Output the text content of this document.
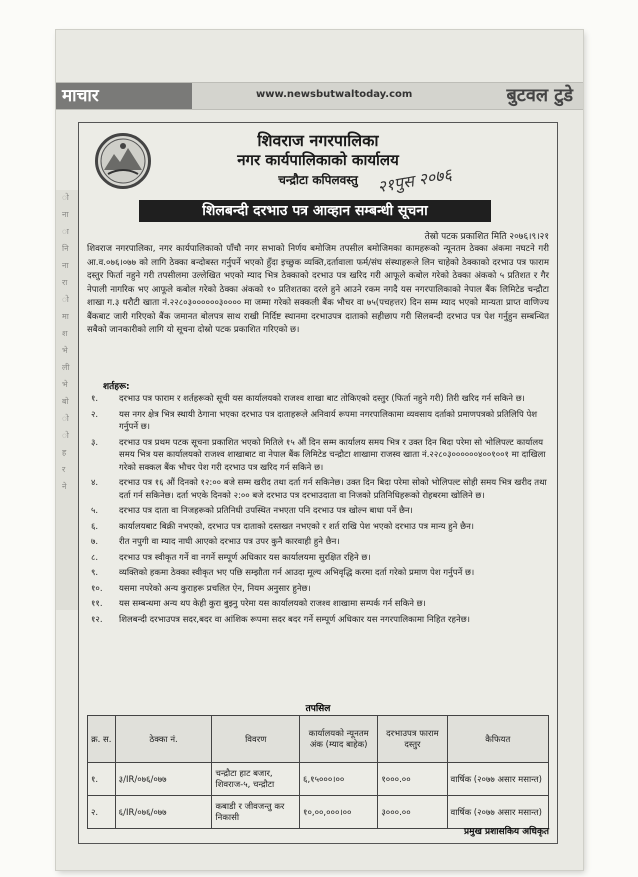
माचार	www.newsbutwaltoday.com	बुटवल टुडे
ो
ना
ा
नि
ना
रा
ो
मा
श
भे
ली
भे
बो
ो
ो
ह
र
ने
शिवराज नगरपालिका
नगर कार्यपालिकाको कार्यालय
चन्द्रौटा कपिलवस्तु	२१पुस २०७६
शिलबन्दी दरभाउ पत्र आव्हान सम्बन्धी सूचना
तेस्रो पटक प्रकाशित मिति २०७६।९।२१
शिवराज नगरपालिका, नगर कार्यपालिकाको पाँचौ नगर सभाको निर्णय बमोजिम तपसील बमोजिमका कामहरूको न्यूनतम ठेक्का अंकमा नघटने गरी आ.व.०७६।०७७ को लागि ठेक्का बन्दोबस्त गर्नुपर्ने भएको हुँदा इच्छुक व्यक्ति,दर्तावाला फर्म/संघ संस्थाहरूले लिन चाहेको ठेक्काको दरभाउ पत्र फाराम दस्तुर फिर्ता नहुने गरी तपसीलमा उल्लेखित भएको म्याद भित्र ठेक्काको दरभाउ पत्र खरिद गरी आफूले कबोल गरेको ठेक्का अंकको ५ प्रतिशत र गैर नेपाली नागरिक भए आफूले कबोल गरेको ठेक्का अंकको १० प्रतिशतका दरले हुने आउने रकम नगदै यस नगरपालिकाको नेपाल बैंक लिमिटेड चन्द्रौटा शाखा ग.३ धरौटी खाता नं.२२८०३००००००३०००० मा जम्मा गरेको सक्कली बैंक भौचर वा ७५(पचहत्तर) दिन सम्म म्याद भएको मान्यता प्राप्त वाणिज्य बैंकबाट जारी गरिएको बैंक जमानत बोलपत्र साथ राखी निर्दिष्ट स्थानमा दरभाउपत्र दाताको सहीछाप गरी सिलबन्दी दरभाउ पत्र पेश गर्नुहुन सम्बन्धित सबैको जानकारीको लागि यो सूचना दोस्रो पटक प्रकाशित गरिएको छ।
शर्तहरू:
१.	दरभाउ पत्र फाराम र शर्तहरूको सूची यस कार्यालयको राजश्व शाखा बाट तोकिएको दस्तुर (फिर्ता नहुने गरी) तिरी खरिद गर्न सकिने छ।
२.	यस नगर क्षेत्र भित्र स्थायी ठेगाना भएका दरभाउ पत्र दाताहरूले अनिवार्य रूपमा नगरपालिकामा व्यवसाय दर्ताको प्रमाणपत्रको प्रतिलिपि पेश गर्नुपर्ने छ।
३.	दरभाउ पत्र प्रथम पटक सूचना प्रकाशित भएको मितिले १५ औं दिन सम्म कार्यालय समय भित्र र उक्त दिन बिदा परेमा सो भोलिपल्ट कार्यालय समय भित्र यस कार्यालयको राजश्व शाखाबाट वा नेपाल बैंक लिमिटेड चन्द्रौटा शाखामा राजस्व खाता नं.२२८०३००००००४००१००१ मा दाखिला गरेको सक्कल बैंक भौचर पेश गरी दरभाउ पत्र खरिद गर्न सकिने छ।
४.	दरभाउ पत्र १६ औं दिनको १२:०० बजे सम्म खरीद तथा दर्ता गर्न सकिनेछ। उक्त दिन बिदा परेमा सोको भोलिपल्ट सोही समय भित्र खरीद तथा दर्ता गर्न सकिनेछ। दर्ता भएके दिनको २:०० बजे दरभाउ पत्र दरभाउदाता वा निजको प्रतिनिधिहरूको रोहबरमा खोलिने छ।
५.	दरभाउ पत्र दाता वा निजहरूको प्रतिनिधी उपस्थित नभएता पनि दरभाउ पत्र खोल्न बाधा पर्ने छैन।
६.	कार्यालयबाट बिक्री नभएको, दरभाउ पत्र दाताको दस्तखत नभएको र शर्त राखि पेश भएको दरभाउ पत्र मान्य हुने छैन।
७.	रीत नपुगी वा म्याद नाघी आएको दरभाउ पत्र उपर कुनै कारवाही हुने छैन।
८.	दरभाउ पत्र स्वीकृत गर्ने वा नगर्ने सम्पूर्ण अधिकार यस कार्यालयमा सुरक्षित रहिने छ।
९.	व्यक्तिको हकमा ठेक्का स्वीकृत भए पछि सम्झौता गर्न आउदा मूल्य अभिवृद्धि करमा दर्ता गरेको प्रमाण पेश गर्नुपर्ने छ।
१०.	यसमा नपरेको अन्य कुराहरू प्रचलित ऐन, नियम अनुसार हुनेछ।
११.	यस सम्बन्धमा अन्य थप केही कुरा बुझ्नु परेमा यस कार्यालयको राजश्व शाखामा सम्पर्क गर्न सकिने छ।
१२.	शिलबन्दी दरभाउपत्र सदर,बदर वा आंशिक रूपमा सदर बदर गर्ने सम्पूर्ण अधिकार यस नगरपालिकामा निहित रहनेछ।
तपसिल
क्र. स.	ठेक्का नं.	विवरण	कार्यालयको न्यूनतम अंक (म्याद बाहेक)	दरभाउपत्र फाराम दस्तुर	कैफियत
१.	३/IR/०७६/०७७	चन्द्रौटा हाट बजार, शिवराज-५, चन्द्रौटा	६,१५०००।००	१०००.००	वार्षिक (२०७७ असार मसान्त)
२.	६/IR/०७६/०७७	कबाडी र जीवजन्तु कर निकासी	१०,००,०००।००	३०००.००	वार्षिक (२०७७ असार मसान्त)
प्रमुख प्रशासकिय अधिकृत
